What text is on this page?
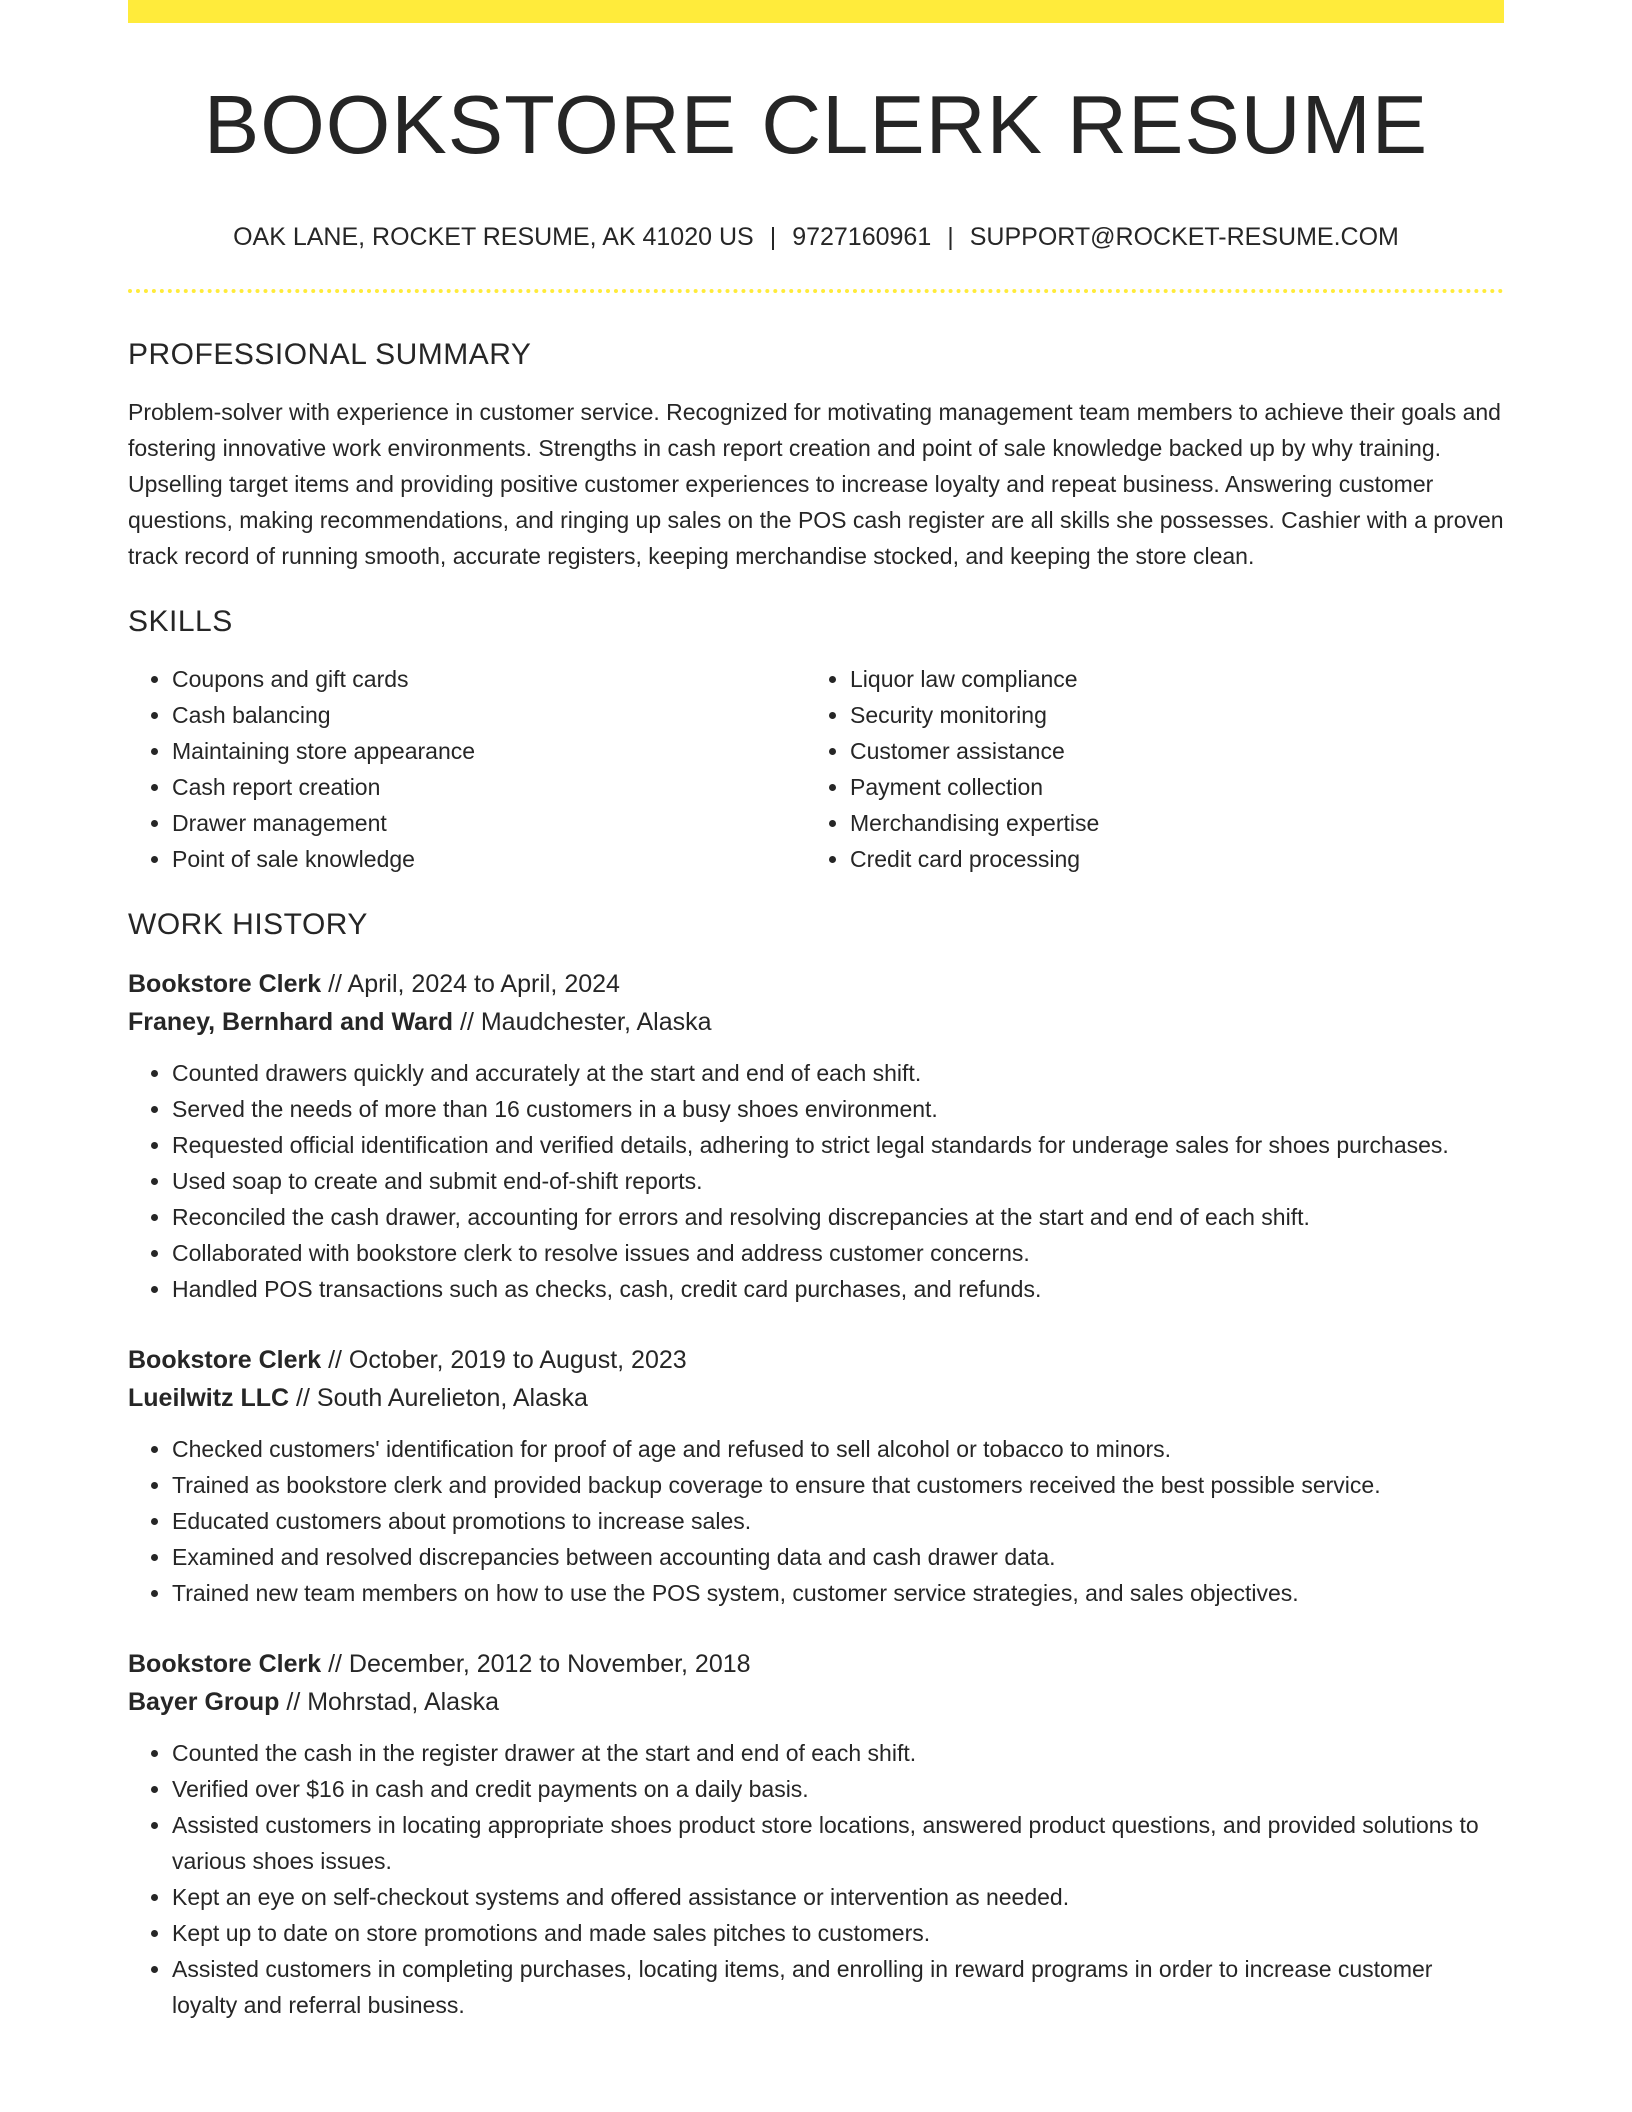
BOOKSTORE CLERK RESUME
OAK LANE, ROCKET RESUME, AK 41020 US | 9727160961 | SUPPORT@ROCKET-RESUME.COM
PROFESSIONAL SUMMARY

Problem-solver with experience in customer service. Recognized for motivating management team members to achieve their goals and fostering innovative work environments. Strengths in cash report creation and point of sale knowledge backed up by why training. Upselling target items and providing positive customer experiences to increase loyalty and repeat business. Answering customer questions, making recommendations, and ringing up sales on the POS cash register are all skills she possesses. Cashier with a proven track record of running smooth, accurate registers, keeping merchandise stocked, and keeping the store clean.

SKILLS
• Coupons and gift cards
• Cash balancing
• Maintaining store appearance
• Cash report creation
• Drawer management
• Point of sale knowledge
• Liquor law compliance
• Security monitoring
• Customer assistance
• Payment collection
• Merchandising expertise
• Credit card processing
WORK HISTORY
Bookstore Clerk // April, 2024 to April, 2024
Franey, Bernhard and Ward // Maudchester, Alaska
• Counted drawers quickly and accurately at the start and end of each shift.
• Served the needs of more than 16 customers in a busy shoes environment.
• Requested official identification and verified details, adhering to strict legal standards for underage sales for shoes purchases.
• Used soap to create and submit end-of-shift reports.
• Reconciled the cash drawer, accounting for errors and resolving discrepancies at the start and end of each shift.
• Collaborated with bookstore clerk to resolve issues and address customer concerns.
• Handled POS transactions such as checks, cash, credit card purchases, and refunds.
Bookstore Clerk // October, 2019 to August, 2023
Lueilwitz LLC // South Aurelieton, Alaska
• Checked customers' identification for proof of age and refused to sell alcohol or tobacco to minors.
• Trained as bookstore clerk and provided backup coverage to ensure that customers received the best possible service.
• Educated customers about promotions to increase sales.
• Examined and resolved discrepancies between accounting data and cash drawer data.
• Trained new team members on how to use the POS system, customer service strategies, and sales objectives.
Bookstore Clerk // December, 2012 to November, 2018
Bayer Group // Mohrstad, Alaska
• Counted the cash in the register drawer at the start and end of each shift.
• Verified over $16 in cash and credit payments on a daily basis.
• Assisted customers in locating appropriate shoes product store locations, answered product questions, and provided solutions to various shoes issues.
• Kept an eye on self-checkout systems and offered assistance or intervention as needed.
• Kept up to date on store promotions and made sales pitches to customers.
• Assisted customers in completing purchases, locating items, and enrolling in reward programs in order to increase customer loyalty and referral business.
